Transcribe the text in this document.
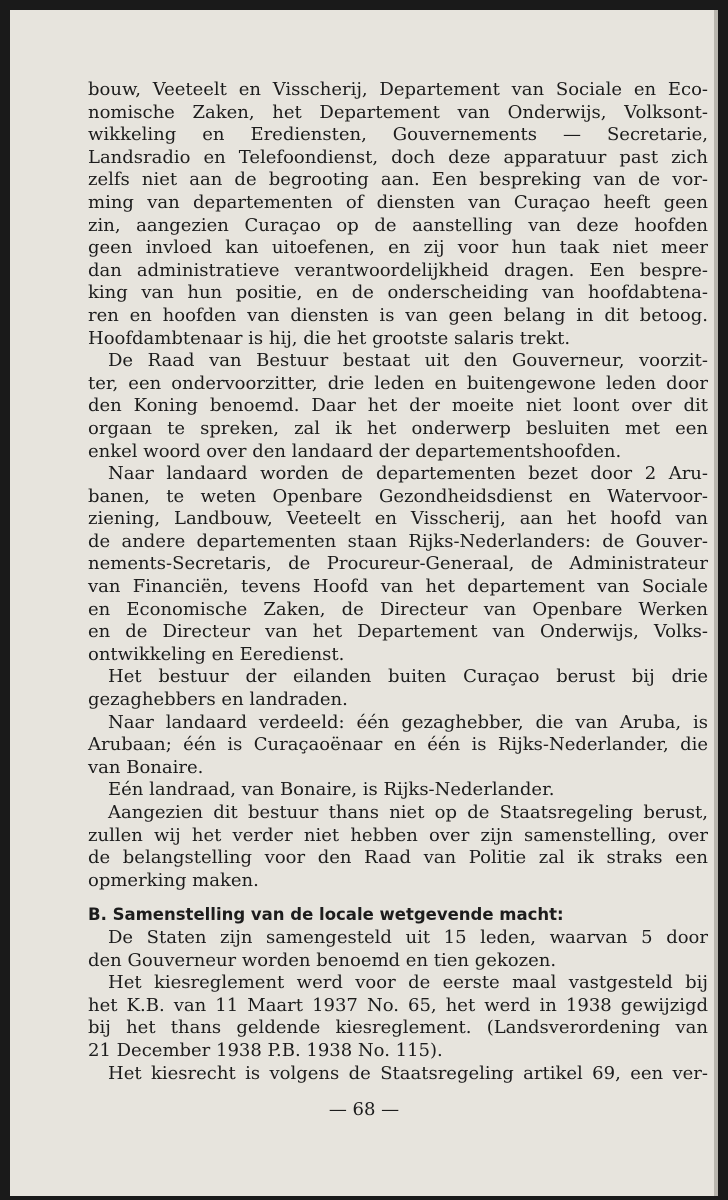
bouw, Veeteelt en Visscherij, Departement van Sociale en Eco-
nomische Zaken, het Departement van Onderwijs, Volksont-
wikkeling en Erediensten, Gouvernements — Secretarie,
Landsradio en Telefoondienst, doch deze apparatuur past zich
zelfs niet aan de begrooting aan. Een bespreking van de vor-
ming van departementen of diensten van Curaçao heeft geen
zin, aangezien Curaçao op de aanstelling van deze hoofden
geen invloed kan uitoefenen, en zij voor hun taak niet meer
dan administratieve verantwoordelijkheid dragen. Een bespre-
king van hun positie, en de onderscheiding van hoofdabtena-
ren en hoofden van diensten is van geen belang in dit betoog.
Hoofdambtenaar is hij, die het grootste salaris trekt.
De Raad van Bestuur bestaat uit den Gouverneur, voorzit-
ter, een ondervoorzitter, drie leden en buitengewone leden door
den Koning benoemd. Daar het der moeite niet loont over dit
orgaan te spreken, zal ik het onderwerp besluiten met een
enkel woord over den landaard der departementshoofden.
Naar landaard worden de departementen bezet door 2 Aru-
banen, te weten Openbare Gezondheidsdienst en Watervoor-
ziening, Landbouw, Veeteelt en Visscherij, aan het hoofd van
de andere departementen staan Rijks-Nederlanders: de Gouver-
nements-Secretaris, de Procureur-Generaal, de Administrateur
van Financiën, tevens Hoofd van het departement van Sociale
en Economische Zaken, de Directeur van Openbare Werken
en de Directeur van het Departement van Onderwijs, Volks-
ontwikkeling en Eeredienst.
Het bestuur der eilanden buiten Curaçao berust bij drie
gezaghebbers en landraden.
Naar landaard verdeeld: één gezaghebber, die van Aruba, is
Arubaan; één is Curaçaoënaar en één is Rijks-Nederlander, die
van Bonaire.
Eén landraad, van Bonaire, is Rijks-Nederlander.
Aangezien dit bestuur thans niet op de Staatsregeling berust,
zullen wij het verder niet hebben over zijn samenstelling, over
de belangstelling voor den Raad van Politie zal ik straks een
opmerking maken.
B. Samenstelling van de locale wetgevende macht:
De Staten zijn samengesteld uit 15 leden, waarvan 5 door
den Gouverneur worden benoemd en tien gekozen.
Het kiesreglement werd voor de eerste maal vastgesteld bij
het K.B. van 11 Maart 1937 No. 65, het werd in 1938 gewijzigd
bij het thans geldende kiesreglement. (Landsverordening van
21 December 1938 P.B. 1938 No. 115).
Het kiesrecht is volgens de Staatsregeling artikel 69, een ver-
— 68 —
